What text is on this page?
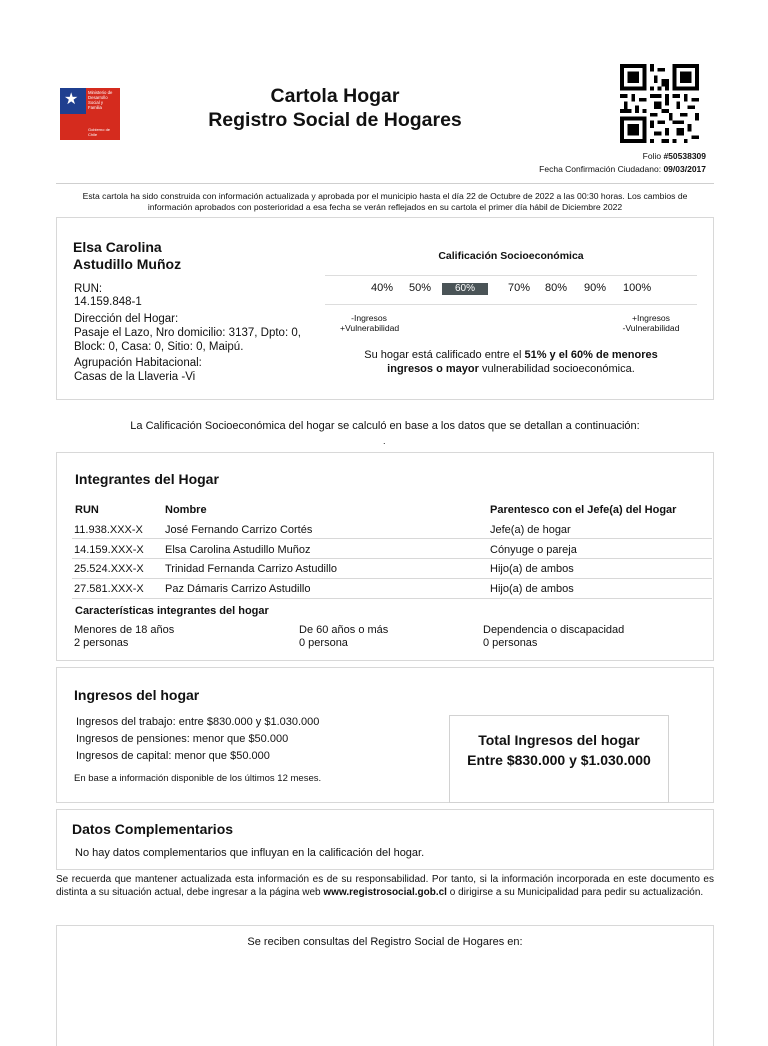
★	Ministerio de Desarrollo Social y Familia
Gobierno de Chile
Cartola Hogar
Registro Social de Hogares
Folio #50538309
Fecha Confirmación Ciudadano: 09/03/2017
Esta cartola ha sido construida con información actualizada y aprobada por el municipio hasta el día 22 de Octubre de 2022 a las 00:30 horas. Los cambios de información aprobados con posterioridad a esa fecha se verán reflejados en su cartola el primer día hábil de Diciembre 2022
Elsa Carolina
Astudillo Muñoz
RUN:
14.159.848-1
Dirección del Hogar:
Pasaje el Lazo, Nro domicilio: 3137, Dpto: 0, Block: 0, Casa: 0, Sitio: 0, Maipú.
Agrupación Habitacional:
Casas de la Llaveria -Vi
Calificación Socioeconómica
40% 50%	60%	70% 80% 90% 100%
-Ingresos
+Vulnerabilidad
+Ingresos
-Vulnerabilidad
Su hogar está calificado entre el 51% y el 60% de menores
ingresos o mayor vulnerabilidad socioeconómica.
La Calificación Socioeconómica del hogar se calculó en base a los datos que se detallan a continuación:
.
Integrantes del Hogar
RUN	Nombre	Parentesco con el Jefe(a) del Hogar
11.938.XXX-X José Fernando Carrizo Cortés	Jefe(a) de hogar
14.159.XXX-X Elsa Carolina Astudillo Muñoz	Cónyuge o pareja
25.524.XXX-X Trinidad Fernanda Carrizo Astudillo	Hijo(a) de ambos
27.581.XXX-X Paz Dámaris Carrizo Astudillo	Hijo(a) de ambos
Características integrantes del hogar
Menores de 18 años
2 personas
De 60 años o más
0 persona
Dependencia o discapacidad
0 personas
Ingresos del hogar
Ingresos del trabajo: entre $830.000 y $1.030.000
Ingresos de pensiones: menor que $50.000
Ingresos de capital: menor que $50.000
En base a información disponible de los últimos 12 meses.
Total Ingresos del hogar
Entre $830.000 y $1.030.000
Datos Complementarios
No hay datos complementarios que influyan en la calificación del hogar.
Se recuerda que mantener actualizada esta información es de su responsabilidad. Por tanto, si la información incorporada en este documento es distinta a su situación actual, debe ingresar a la página web www.registrosocial.gob.cl o dirigirse a su Municipalidad para pedir su actualización.
Se reciben consultas del Registro Social de Hogares en:
